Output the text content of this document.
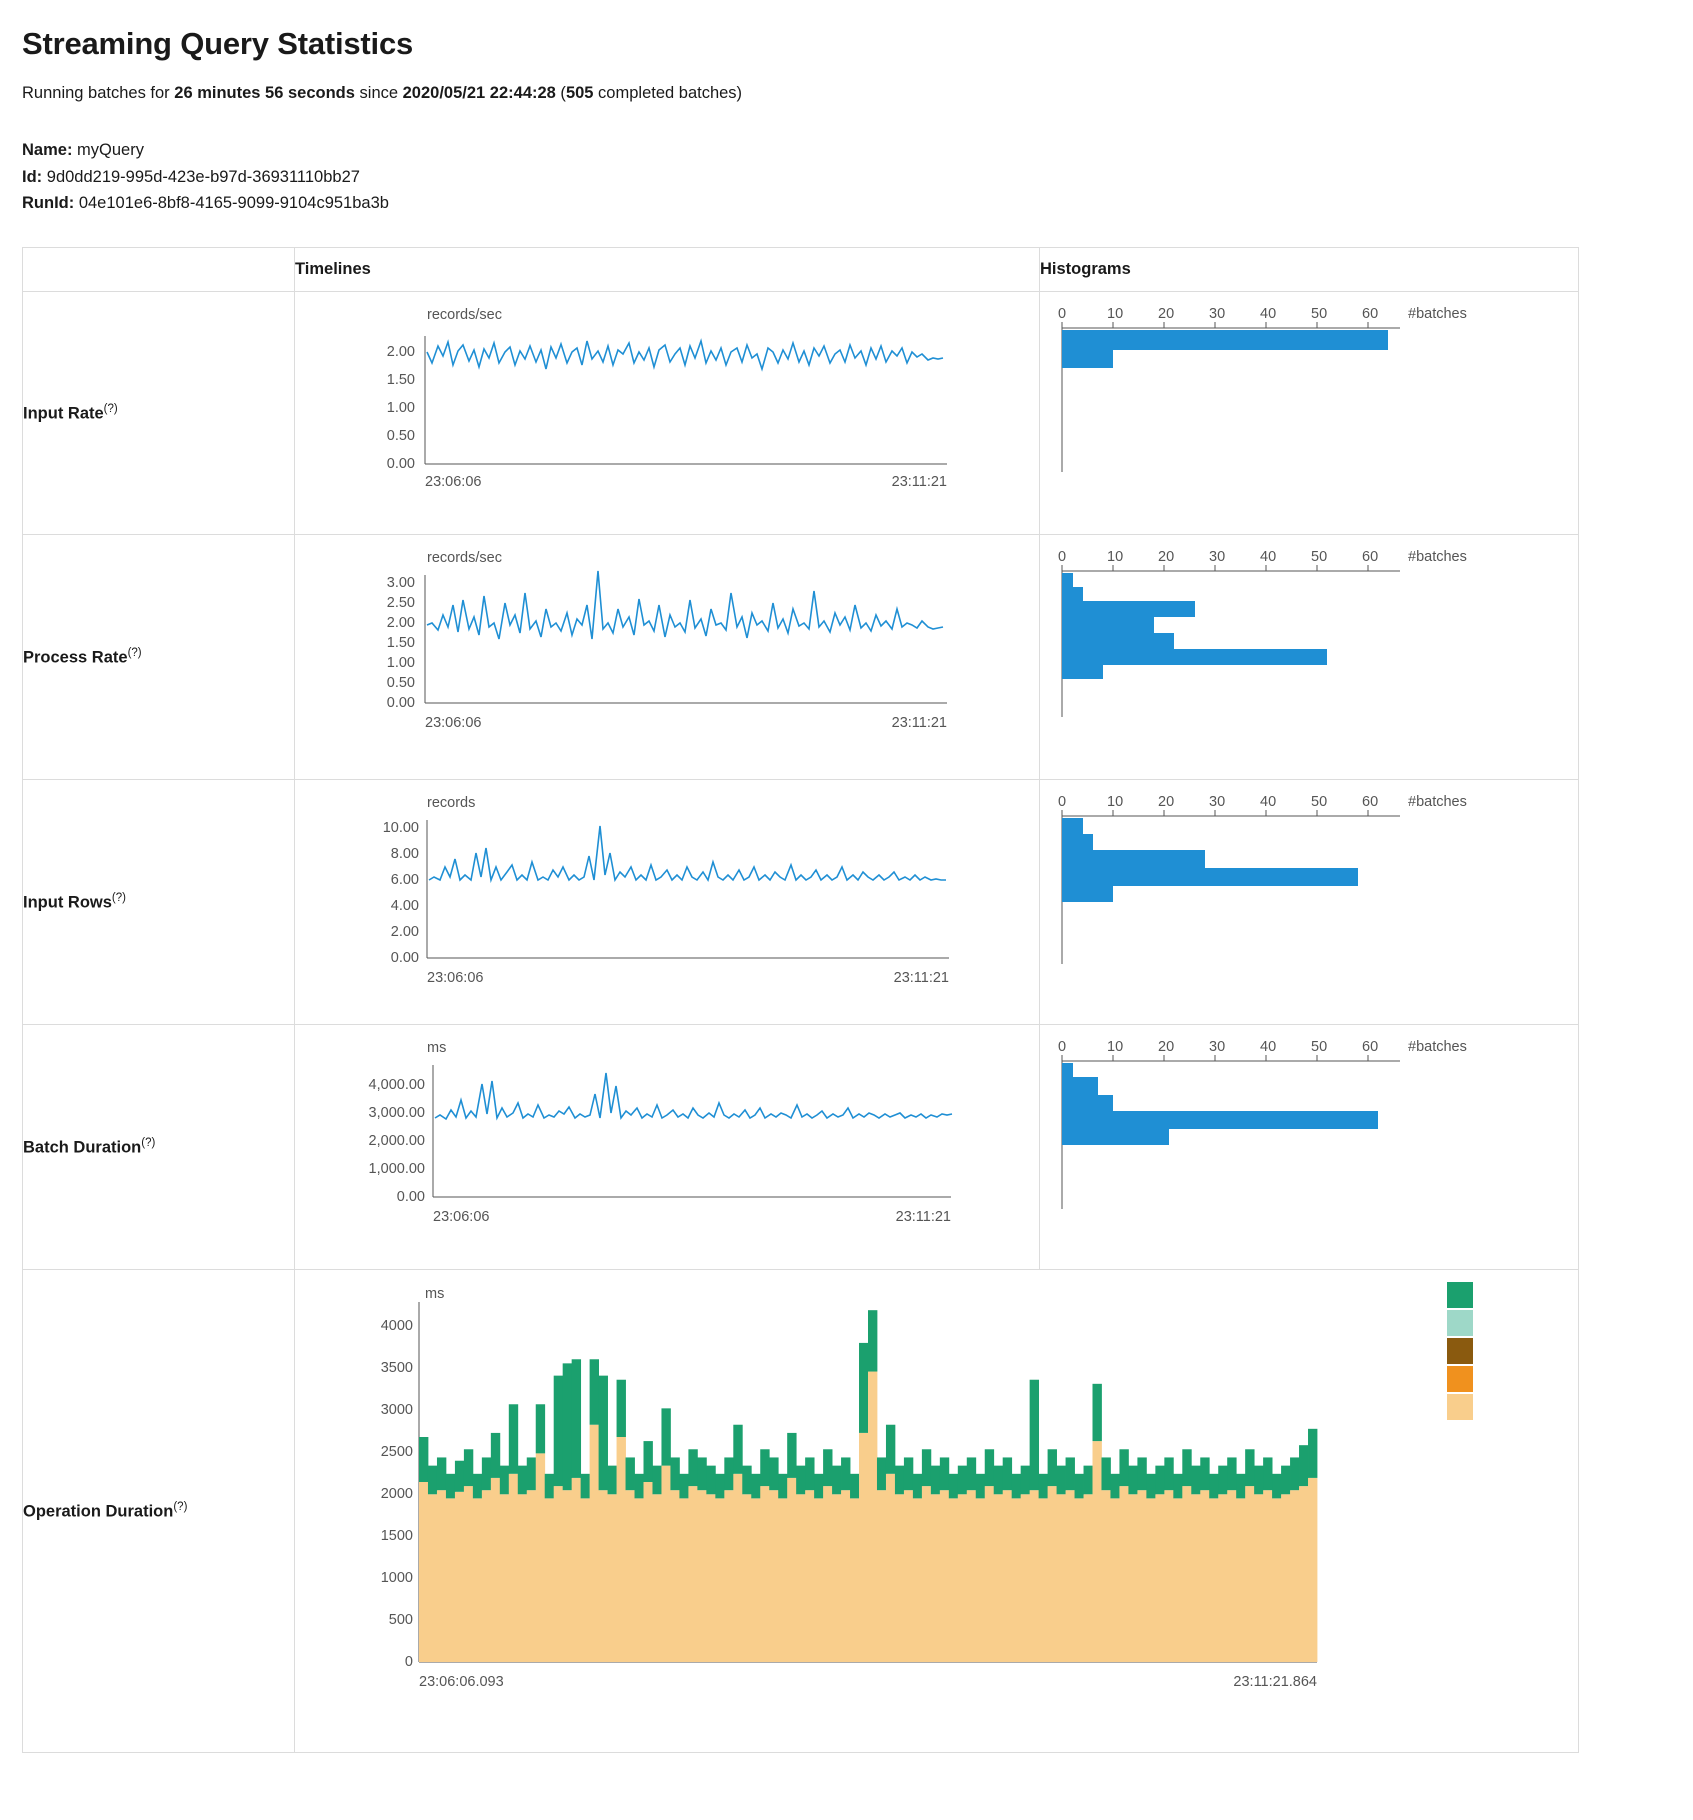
Streaming Query Statistics
Running batches for 26 minutes 56 seconds since 2020/05/21 22:44:28 (505 completed batches)
Name: myQuery
Id: 9d0dd219-995d-423e-b97d-36931110bb27
RunId: 04e101e6-8bf8-4165-9099-9104c951ba3b
	Timelines	Histograms
Input Rate(?)	
records/sec
2.00
1.50
1.00
0.50
0.00
23:06:06	23:11:21

0	10 20 30 40 50 60 #batches

Process Rate(?)	
records/sec
3.00
2.50
2.00
1.50
1.00
0.50
0.00
23:06:06	23:11:21

0	10 20 30 40 50 60 #batches

Input Rows(?)	
records
10.00
8.00
6.00
4.00
2.00
0.00
23:06:06	23:11:21

0	10 20 30 40 50 60 #batches

Batch Duration(?)	
ms
4,000.00
3,000.00
2,000.00
1,000.00
0.00
23:06:06	23:11:21

0	10 20 30 40 50 60 #batches

Operation Duration(?)	
ms
4000
3500
3000
2500
2000
1500
1000
500
0
23:06:06.093	23:11:21.864
